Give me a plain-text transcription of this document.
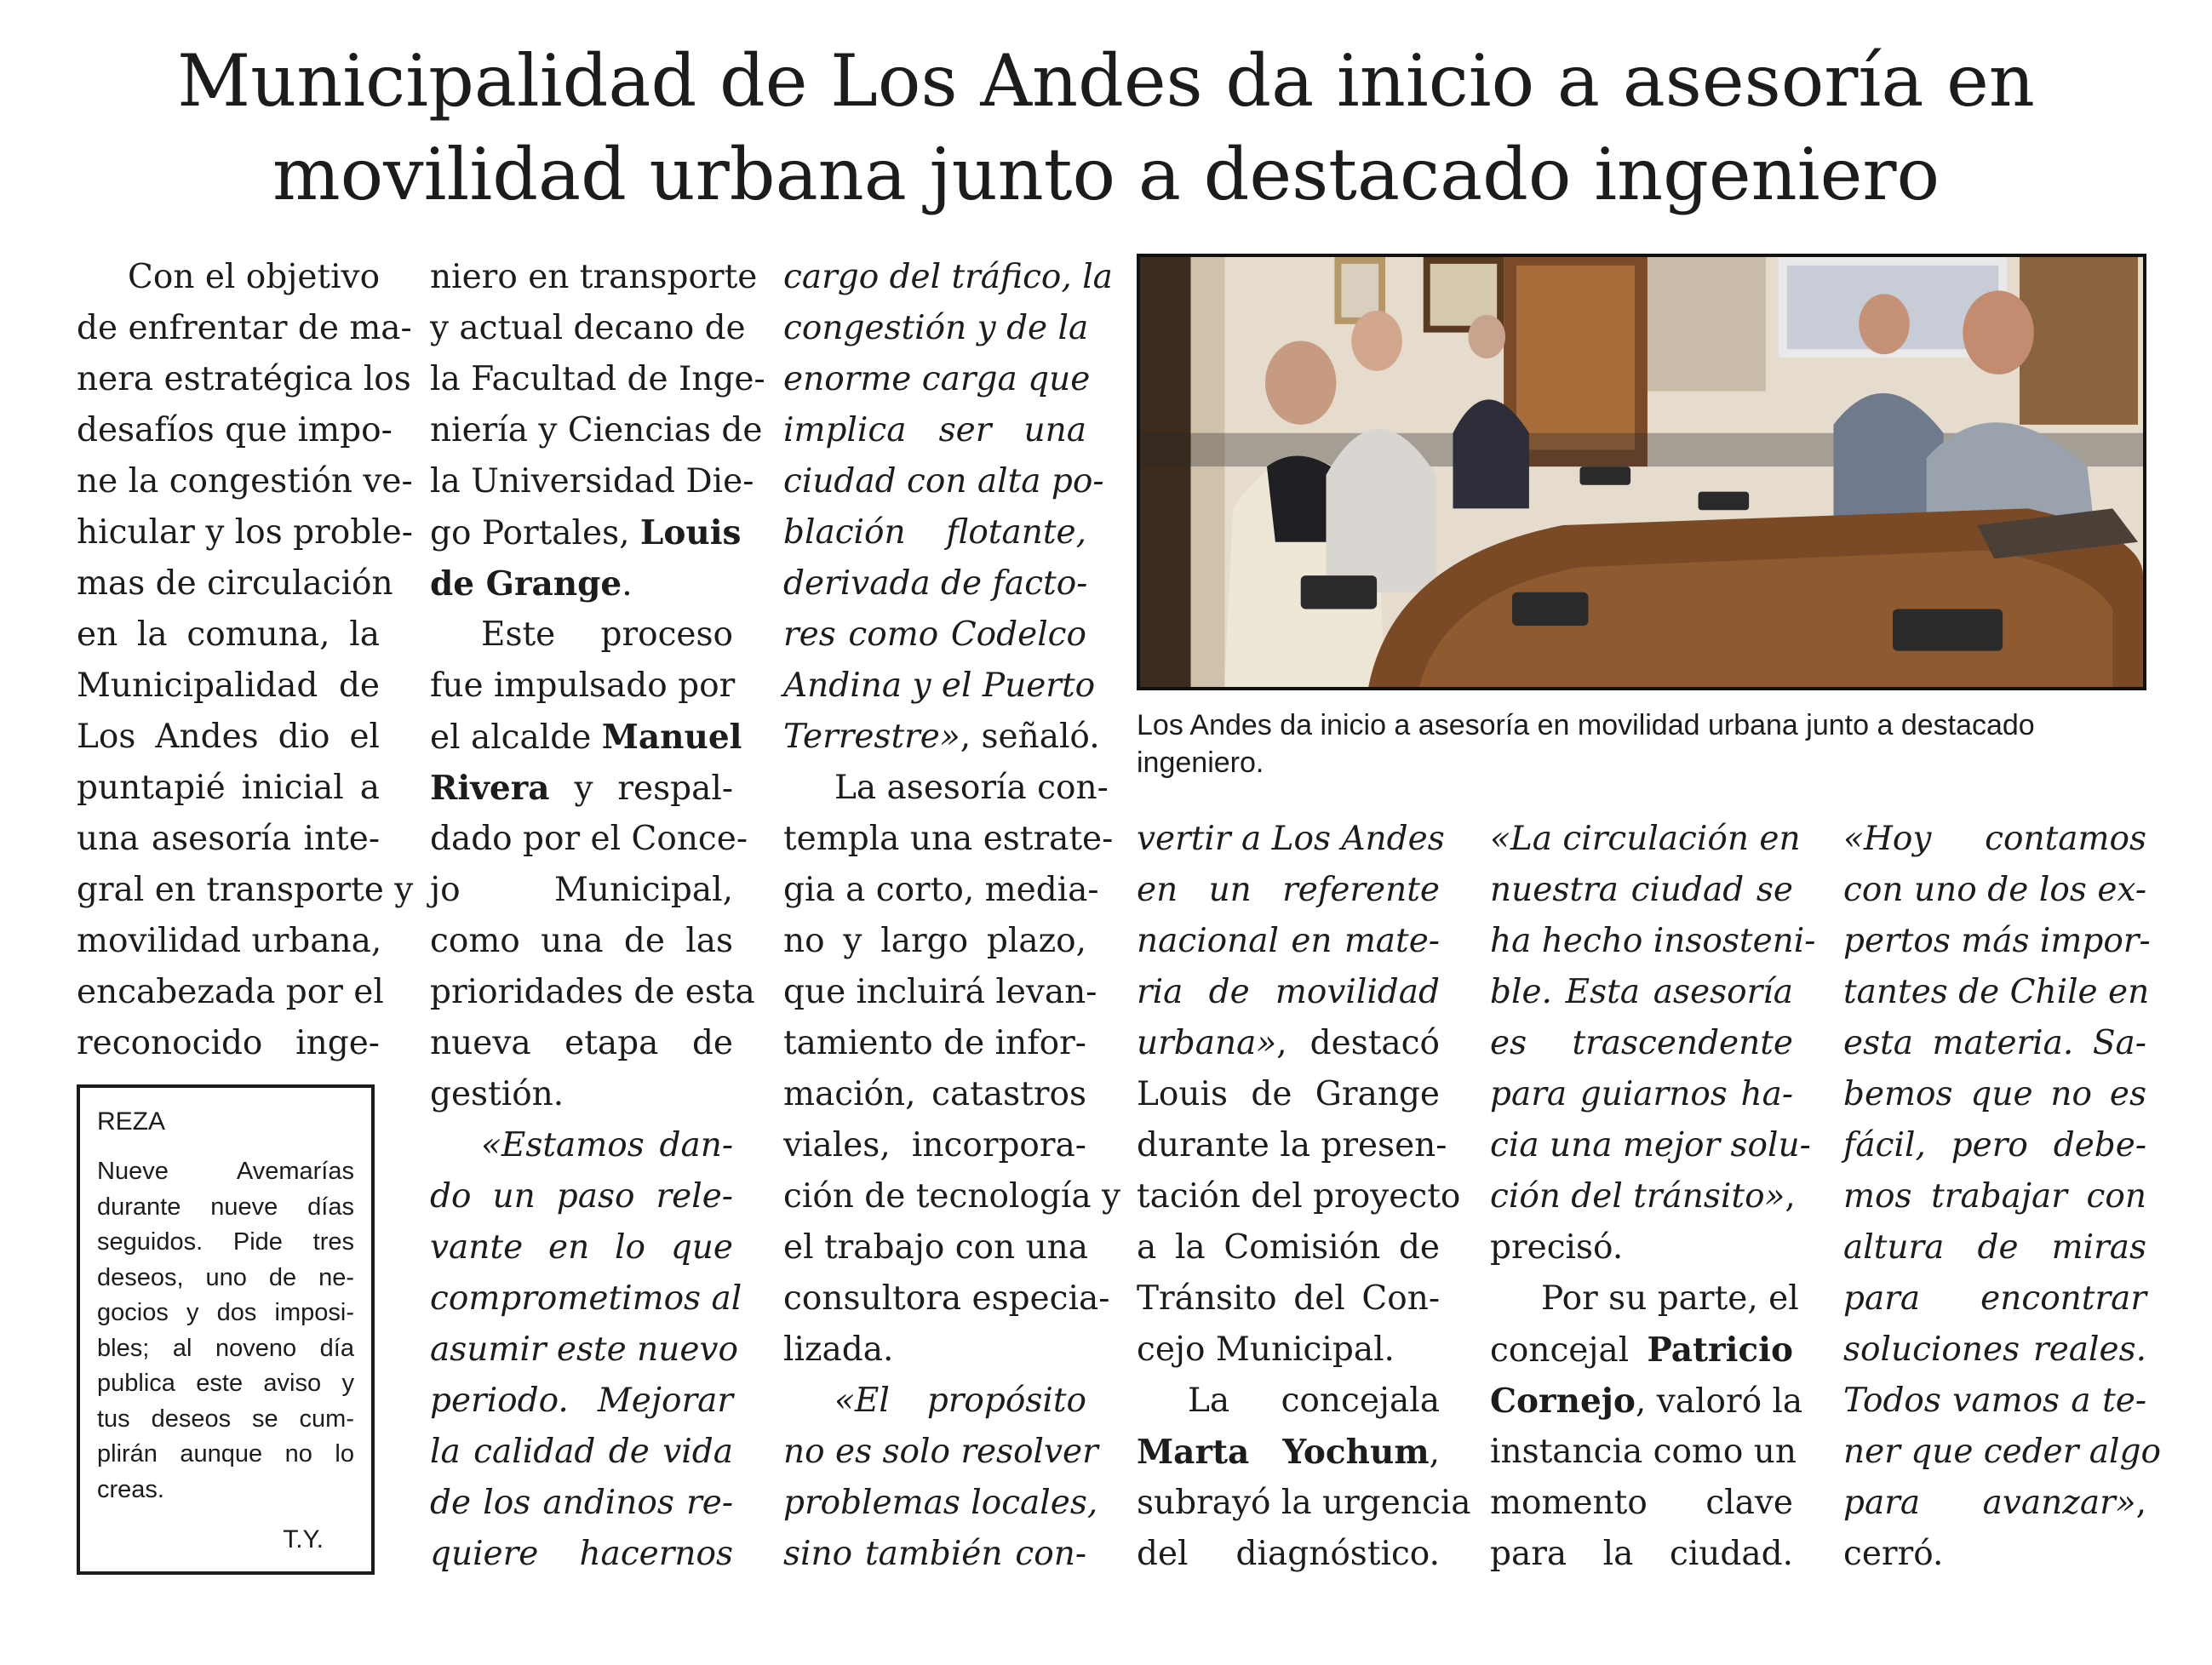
Municipalidad de Los Andes da inicio a asesoría en
movilidad urbana junto a destacado ingeniero
Con el objetivo
de enfrentar de ma-
nera estratégica los
desafíos que impo-
ne la congestión ve-
hicular y los proble-
mas de circulación
en la comuna, la
Municipalidad de
Los Andes dio el
puntapié inicial a
una asesoría inte-
gral en transporte y
movilidad urbana,
encabezada por el
reconocido inge-
REZA
Nueve Avemarías
durante nueve días
seguidos. Pide tres
deseos, uno de ne-
gocios y dos imposi-
bles; al noveno día
publica este aviso y
tus deseos se cum-
plirán aunque no lo
creas.
T.Y.
niero en transporte
y actual decano de
la Facultad de Inge-
niería y Ciencias de
la Universidad Die-
go Portales, Louis
de Grange.
Este proceso
fue impulsado por
el alcalde Manuel
Rivera y respal-
dado por el Conce-
jo Municipal,
como una de las
prioridades de esta
nueva etapa de
gestión.
«Estamos dan-
do un paso rele-
vante en lo que
comprometimos al
asumir este nuevo
periodo. Mejorar
la calidad de vida
de los andinos re-
quiere hacernos
cargo del tráfico, la
congestión y de la
enorme carga que
implica ser una
ciudad con alta po-
blación flotante,
derivada de facto-
res como Codelco
Andina y el Puerto
Terrestre», señaló.
La asesoría con-
templa una estrate-
gia a corto, media-
no y largo plazo,
que incluirá levan-
tamiento de infor-
mación, catastros
viales, incorpora-
ción de tecnología y
el trabajo con una
consultora especia-
lizada.
«El propósito
no es solo resolver
problemas locales,
sino también con-
Los Andes da inicio a asesoría en movilidad urbana junto a destacado ingeniero.
vertir a Los Andes
en un referente
nacional en mate-
ria de movilidad
urbana», destacó
Louis de Grange
durante la presen-
tación del proyecto
a la Comisión de
Tránsito del Con-
cejo Municipal.
La concejala
Marta Yochum,
subrayó la urgencia
del diagnóstico.
«La circulación en
nuestra ciudad se
ha hecho insosteni-
ble. Esta asesoría
es trascendente
para guiarnos ha-
cia una mejor solu-
ción del tránsito»,
precisó.
Por su parte, el
concejal Patricio
Cornejo, valoró la
instancia como un
momento clave
para la ciudad.
«Hoy contamos
con uno de los ex-
pertos más impor-
tantes de Chile en
esta materia. Sa-
bemos que no es
fácil, pero debe-
mos trabajar con
altura de miras
para encontrar
soluciones reales.
Todos vamos a te-
ner que ceder algo
para avanzar»,
cerró.
